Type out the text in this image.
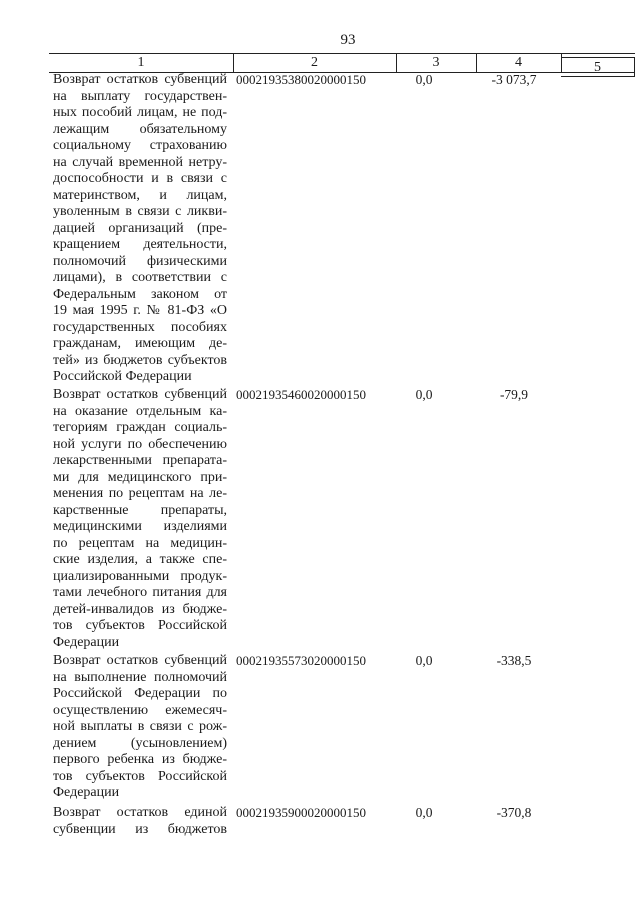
93
1	2	3	4	5
Возврат остатков субвенций
на выплату государствен-
ных пособий лицам, не под-
лежащим обязательному
социальному страхованию
на случай временной нетру-
доспособности и в связи с
материнством, и лицам,
уволенным в связи с ликви-
дацией организаций (пре-
кращением деятельности,
полномочий физическими
лицами), в соответствии с
Федеральным законом от
19 мая 1995 г. № 81-ФЗ «О
государственных пособиях
гражданам, имеющим де-
тей» из бюджетов субъектов
Российской Федерации
00021935380020000150	0,0	-3 073,7
Возврат остатков субвенций
на оказание отдельным ка-
тегориям граждан социаль-
ной услуги по обеспечению
лекарственными препарата-
ми для медицинского при-
менения по рецептам на ле-
карственные препараты,
медицинскими изделиями
по рецептам на медицин-
ские изделия, а также спе-
циализированными продук-
тами лечебного питания для
детей-инвалидов из бюдже-
тов субъектов Российской
Федерации
00021935460020000150	0,0	-79,9
Возврат остатков субвенций
на выполнение полномочий
Российской Федерации по
осуществлению ежемесяч-
ной выплаты в связи с рож-
дением (усыновлением)
первого ребенка из бюдже-
тов субъектов Российской
Федерации
00021935573020000150	0,0	-338,5
Возврат остатков единой
субвенции из бюджетов
00021935900020000150	0,0	-370,8
